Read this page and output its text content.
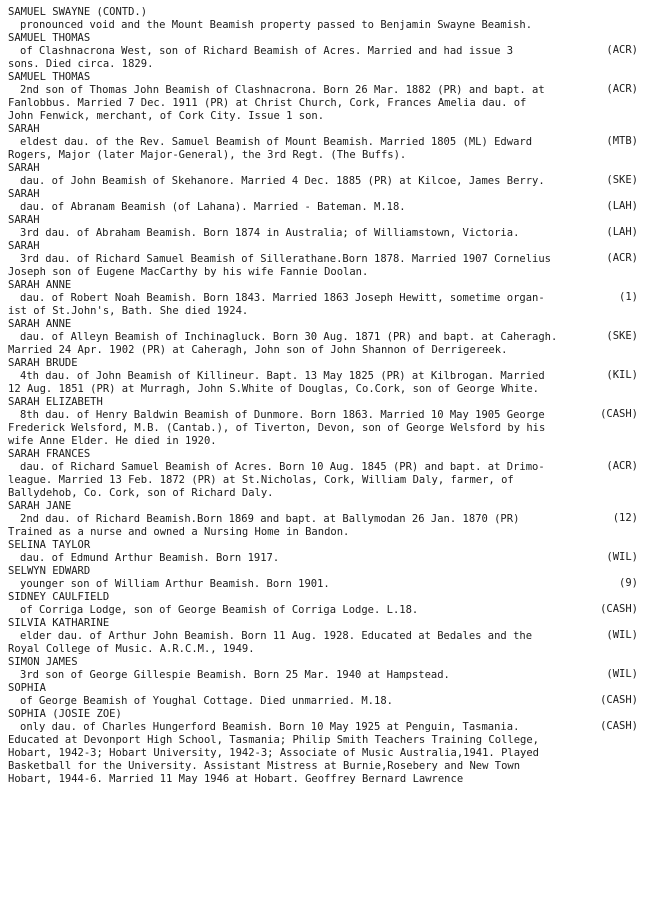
SAMUEL SWAYNE (CONTD.)
pronounced void and the Mount Beamish property passed to Benjamin Swayne Beamish.
SAMUEL THOMAS
(ACR)
of Clashnacrona West, son of Richard Beamish of Acres. Married and had issue 3
sons. Died circa. 1829.
SAMUEL THOMAS
(ACR)
2nd son of Thomas John Beamish of Clashnacrona. Born 26 Mar. 1882 (PR) and bapt. at
Fanlobbus. Married 7 Dec. 1911 (PR) at Christ Church, Cork, Frances Amelia dau. of
John Fenwick, merchant, of Cork City. Issue 1 son.
SARAH
(MTB)
eldest dau. of the Rev. Samuel Beamish of Mount Beamish. Married 1805 (ML) Edward
Rogers, Major (later Major-General), the 3rd Regt. (The Buffs).
SARAH
(SKE)
dau. of John Beamish of Skehanore. Married 4 Dec. 1885 (PR) at Kilcoe, James Berry.
SARAH
(LAH)
dau. of Abranam Beamish (of Lahana). Married - Bateman. M.18.
SARAH
(LAH)
3rd dau. of Abraham Beamish. Born 1874 in Australia; of Williamstown, Victoria.
SARAH
(ACR)
3rd dau. of Richard Samuel Beamish of Sillerathane.Born 1878. Married 1907 Cornelius
Joseph son of Eugene MacCarthy by his wife Fannie Doolan.
SARAH ANNE
(1)
dau. of Robert Noah Beamish. Born 1843. Married 1863 Joseph Hewitt, sometime organ-
ist of St.John's, Bath. She died 1924.
SARAH ANNE
(SKE)
dau. of Alleyn Beamish of Inchinagluck. Born 30 Aug. 1871 (PR) and bapt. at Caheragh.
Married 24 Apr. 1902 (PR) at Caheragh, John son of John Shannon of Derrigereek.
SARAH BRUDE
(KIL)
4th dau. of John Beamish of Killineur. Bapt. 13 May 1825 (PR) at Kilbrogan. Married
12 Aug. 1851 (PR) at Murragh, John S.White of Douglas, Co.Cork, son of George White.
SARAH ELIZABETH
(CASH)
8th dau. of Henry Baldwin Beamish of Dunmore. Born 1863. Married 10 May 1905 George
Frederick Welsford, M.B. (Cantab.), of Tiverton, Devon, son of George Welsford by his
wife Anne Elder. He died in 1920.
SARAH FRANCES
(ACR)
dau. of Richard Samuel Beamish of Acres. Born 10 Aug. 1845 (PR) and bapt. at Drimo-
league. Married 13 Feb. 1872 (PR) at St.Nicholas, Cork, William Daly, farmer, of
Ballydehob, Co. Cork, son of Richard Daly.
SARAH JANE
(12)
2nd dau. of Richard Beamish.Born 1869 and bapt. at Ballymodan 26 Jan. 1870 (PR)
Trained as a nurse and owned a Nursing Home in Bandon.
SELINA TAYLOR
(WIL)
dau. of Edmund Arthur Beamish. Born 1917.
SELWYN EDWARD
(9)
younger son of William Arthur Beamish. Born 1901.
SIDNEY CAULFIELD
(CASH)
of Corriga Lodge, son of George Beamish of Corriga Lodge. L.18.
SILVIA KATHARINE
(WIL)
elder dau. of Arthur John Beamish. Born 11 Aug. 1928. Educated at Bedales and the
Royal College of Music. A.R.C.M., 1949.
SIMON JAMES
(WIL)
3rd son of George Gillespie Beamish. Born 25 Mar. 1940 at Hampstead.
SOPHIA
(CASH)
of George Beamish of Youghal Cottage. Died unmarried. M.18.
SOPHIA (JOSIE ZOE)
(CASH)
only dau. of Charles Hungerford Beamish. Born 10 May 1925 at Penguin, Tasmania.
Educated at Devonport High School, Tasmania; Philip Smith Teachers Training College,
Hobart, 1942-3; Hobart University, 1942-3; Associate of Music Australia,1941. Played
Basketball for the University. Assistant Mistress at Burnie,Rosebery and New Town
Hobart, 1944-6. Married 11 May 1946 at Hobart. Geoffrey Bernard Lawrence
